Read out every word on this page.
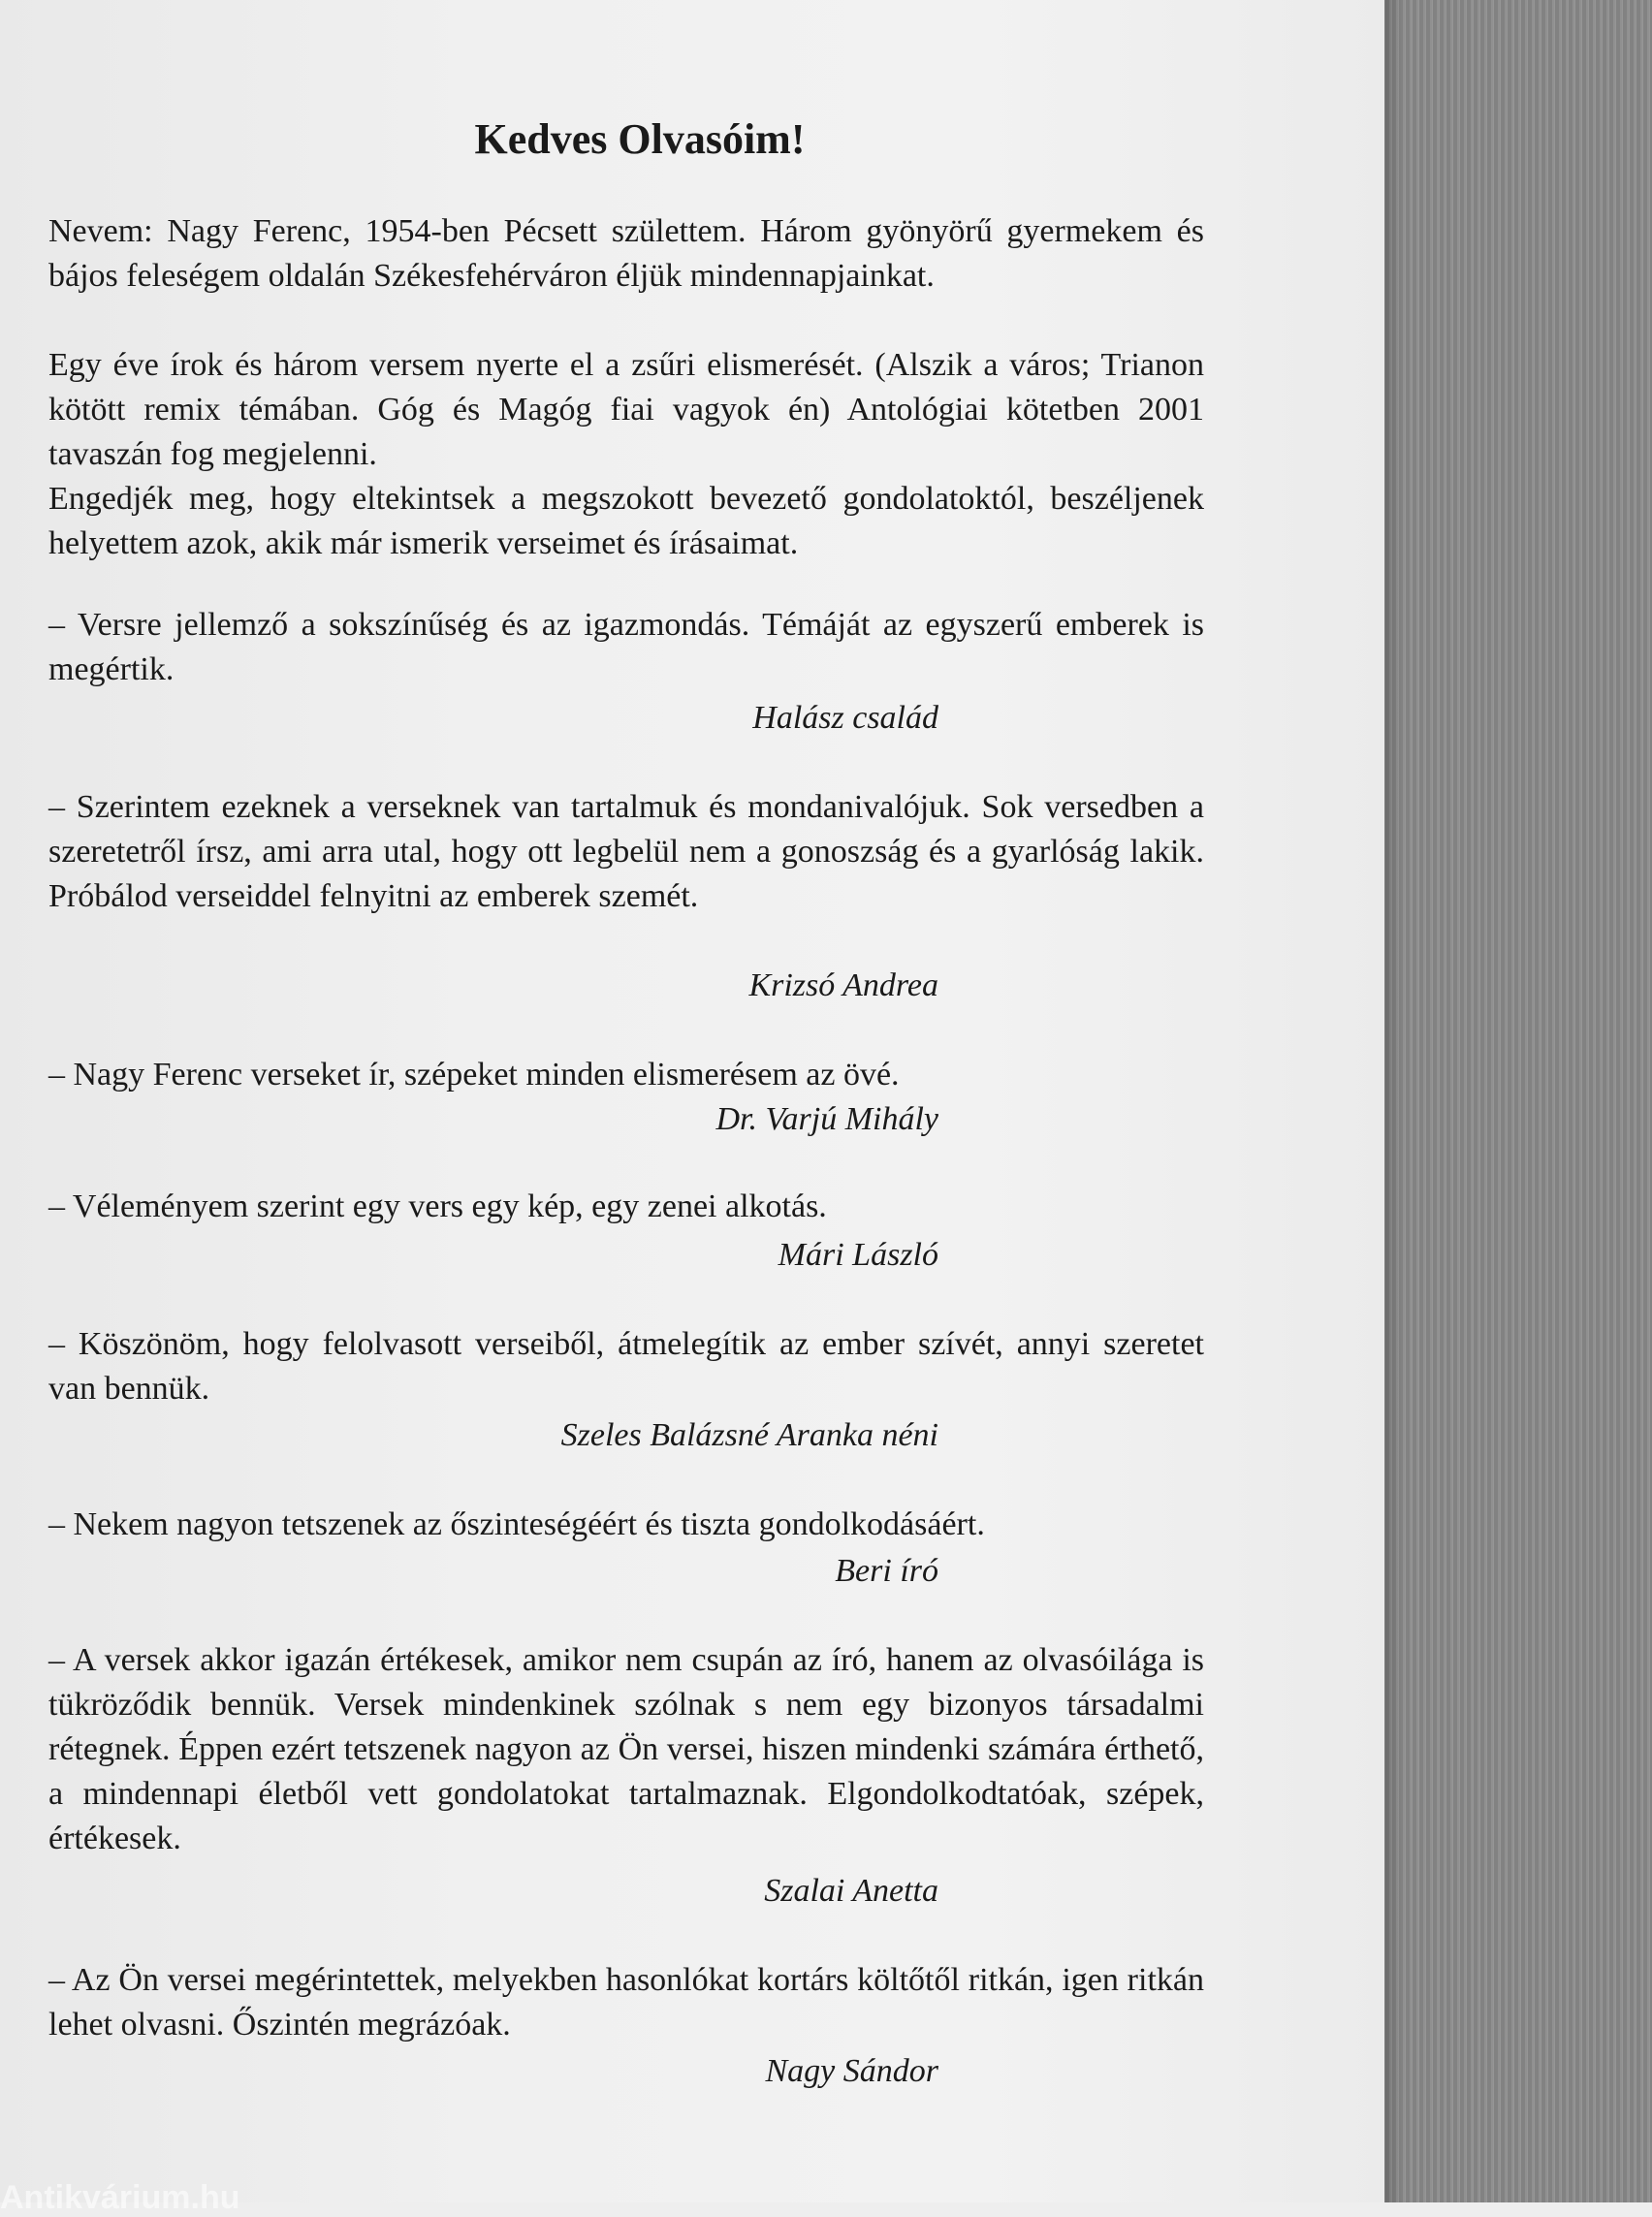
Kedves Olvasóim!

Nevem: Nagy Ferenc, 1954-ben Pécsett születtem. Három gyönyörű gyermekem és bájos feleségem oldalán Székesfehérváron éljük mindennapjainkat.

Egy éve írok és három versem nyerte el a zsűri elismerését. (Alszik a város; Trianon kötött remix témában. Góg és Magóg fiai vagyok én) Antológiai kötetben 2001 tavaszán fog megjelenni.

Engedjék meg, hogy eltekintsek a megszokott bevezető gondolatoktól, beszéljenek helyettem azok, akik már ismerik verseimet és írásaimat.

– Versre jellemző a sokszínűség és az igazmondás. Témáját az egyszerű emberek is megértik.

Halász család

– Szerintem ezeknek a verseknek van tartalmuk és mondanivalójuk. Sok versedben a szeretetről írsz, ami arra utal, hogy ott legbelül nem a gonoszság és a gyarlóság lakik. Próbálod verseiddel felnyitni az emberek szemét.

Krizsó Andrea

– Nagy Ferenc verseket ír, szépeket minden elismerésem az övé.

Dr. Varjú Mihály

– Véleményem szerint egy vers egy kép, egy zenei alkotás.

Mári László

– Köszönöm, hogy felolvasott verseiből, átmelegítik az ember szívét, annyi szeretet van bennük.

Szeles Balázsné Aranka néni

– Nekem nagyon tetszenek az őszinteségéért és tiszta gondolkodásáért.

Beri író

– A versek akkor igazán értékesek, amikor nem csupán az író, hanem az olvasóilága is tükröződik bennük. Versek mindenkinek szólnak s nem egy bizonyos társadalmi rétegnek. Éppen ezért tetszenek nagyon az Ön versei, hiszen mindenki számára érthető, a mindennapi életből vett gondolatokat tartalmaznak. Elgondolkodtatóak, szépek, értékesek.

Szalai Anetta

– Az Ön versei megérintettek, melyekben hasonlókat kortárs költőtől ritkán, igen ritkán lehet olvasni. Őszintén megrázóak.

Nagy Sándor

Antikvárium.hu
